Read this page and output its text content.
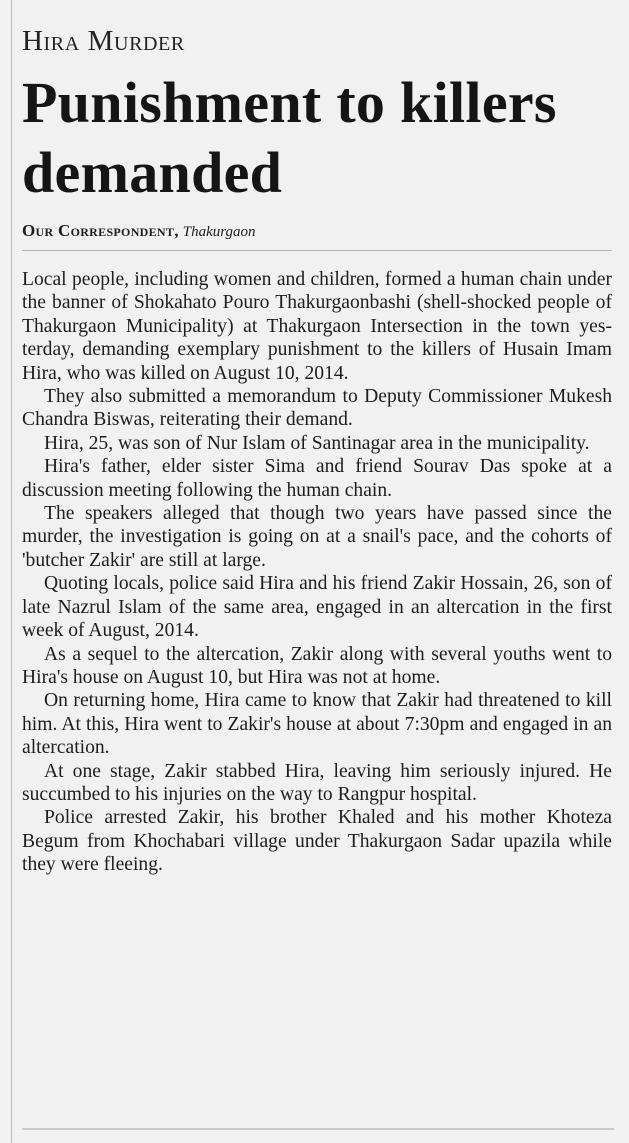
Hira Murder
Punishment to killers demanded
Our Correspondent, Thakurgaon

Local people, including women and children, formed a human chain under the banner of Shokahato Pouro Thakurgaonbashi (shell-shocked people of Thakurgaon Municipality) at Thakurgaon Intersection in the town yesterday, demanding exemplary punishment to the killers of Husain Imam Hira, who was killed on August 10, 2014.

They also submitted a memorandum to Deputy Commissioner Mukesh Chandra Biswas, reiterating their demand.

Hira, 25, was son of Nur Islam of Santinagar area in the municipality.

Hira's father, elder sister Sima and friend Sourav Das spoke at a discussion meeting following the human chain.

The speakers alleged that though two years have passed since the murder, the investigation is going on at a snail's pace, and the cohorts of 'butcher Zakir' are still at large.

Quoting locals, police said Hira and his friend Zakir Hossain, 26, son of late Nazrul Islam of the same area, engaged in an altercation in the first week of August, 2014.

As a sequel to the altercation, Zakir along with several youths went to Hira's house on August 10, but Hira was not at home.

On returning home, Hira came to know that Zakir had threatened to kill him. At this, Hira went to Zakir's house at about 7:30pm and engaged in an altercation.

At one stage, Zakir stabbed Hira, leaving him seriously injured. He succumbed to his injuries on the way to Rangpur hospital.

Police arrested Zakir, his brother Khaled and his mother Khoteza Begum from Khochabari village under Thakurgaon Sadar upazila while they were fleeing.
